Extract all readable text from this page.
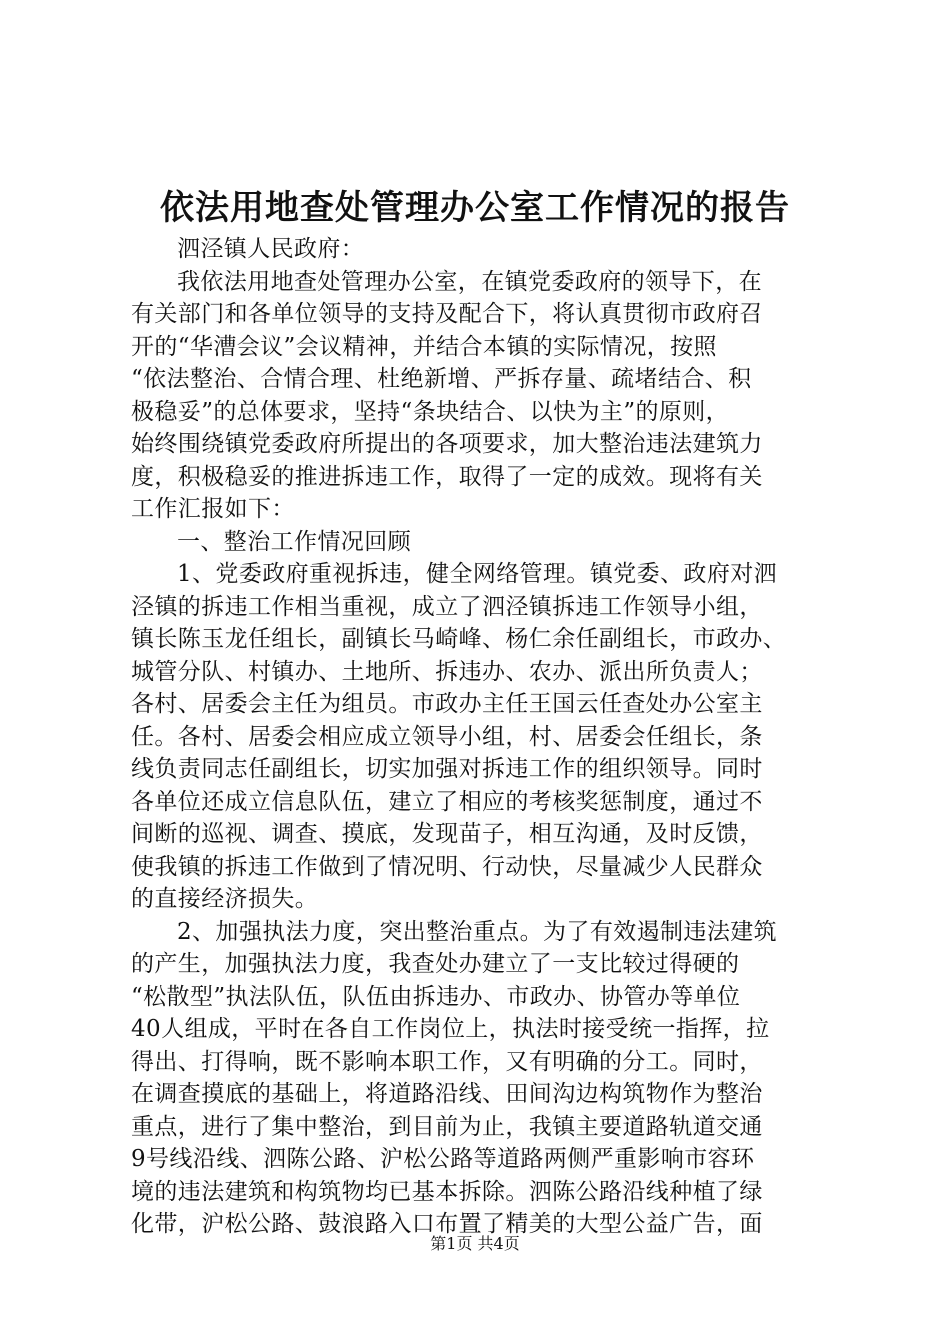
依法用地查处管理办公室工作情况的报告
泗泾镇人民政府：
我依法用地查处管理办公室，在镇党委政府的领导下，在
有关部门和各单位领导的支持及配合下，将认真贯彻市政府召
开的“华漕会议”会议精神，并结合本镇的实际情况，按照
“依法整治、合情合理、杜绝新增、严拆存量、疏堵结合、积
极稳妥”的总体要求，坚持“条块结合、以快为主”的原则，
始终围绕镇党委政府所提出的各项要求，加大整治违法建筑力
度，积极稳妥的推进拆违工作，取得了一定的成效。现将有关
工作汇报如下：
一、整治工作情况回顾
1、党委政府重视拆违，健全网络管理。镇党委、政府对泗
泾镇的拆违工作相当重视，成立了泗泾镇拆违工作领导小组，
镇长陈玉龙任组长，副镇长马崎峰、杨仁余任副组长，市政办、
城管分队、村镇办、土地所、拆违办、农办、派出所负责人；
各村、居委会主任为组员。市政办主任王国云任查处办公室主
任。各村、居委会相应成立领导小组，村、居委会任组长，条
线负责同志任副组长，切实加强对拆违工作的组织领导。同时
各单位还成立信息队伍，建立了相应的考核奖惩制度，通过不
间断的巡视、调查、摸底，发现苗子，相互沟通，及时反馈，
使我镇的拆违工作做到了情况明、行动快，尽量减少人民群众
的直接经济损失。
2、加强执法力度，突出整治重点。为了有效遏制违法建筑
的产生，加强执法力度，我查处办建立了一支比较过得硬的
“松散型”执法队伍，队伍由拆违办、市政办、协管办等单位
40人组成，平时在各自工作岗位上，执法时接受统一指挥，拉
得出、打得响，既不影响本职工作，又有明确的分工。同时，
在调查摸底的基础上，将道路沿线、田间沟边构筑物作为整治
重点，进行了集中整治，到目前为止，我镇主要道路轨道交通
9号线沿线、泗陈公路、沪松公路等道路两侧严重影响市容环
境的违法建筑和构筑物均已基本拆除。泗陈公路沿线种植了绿
化带，沪松公路、鼓浪路入口布置了精美的大型公益广告，面
第1页 共4页
